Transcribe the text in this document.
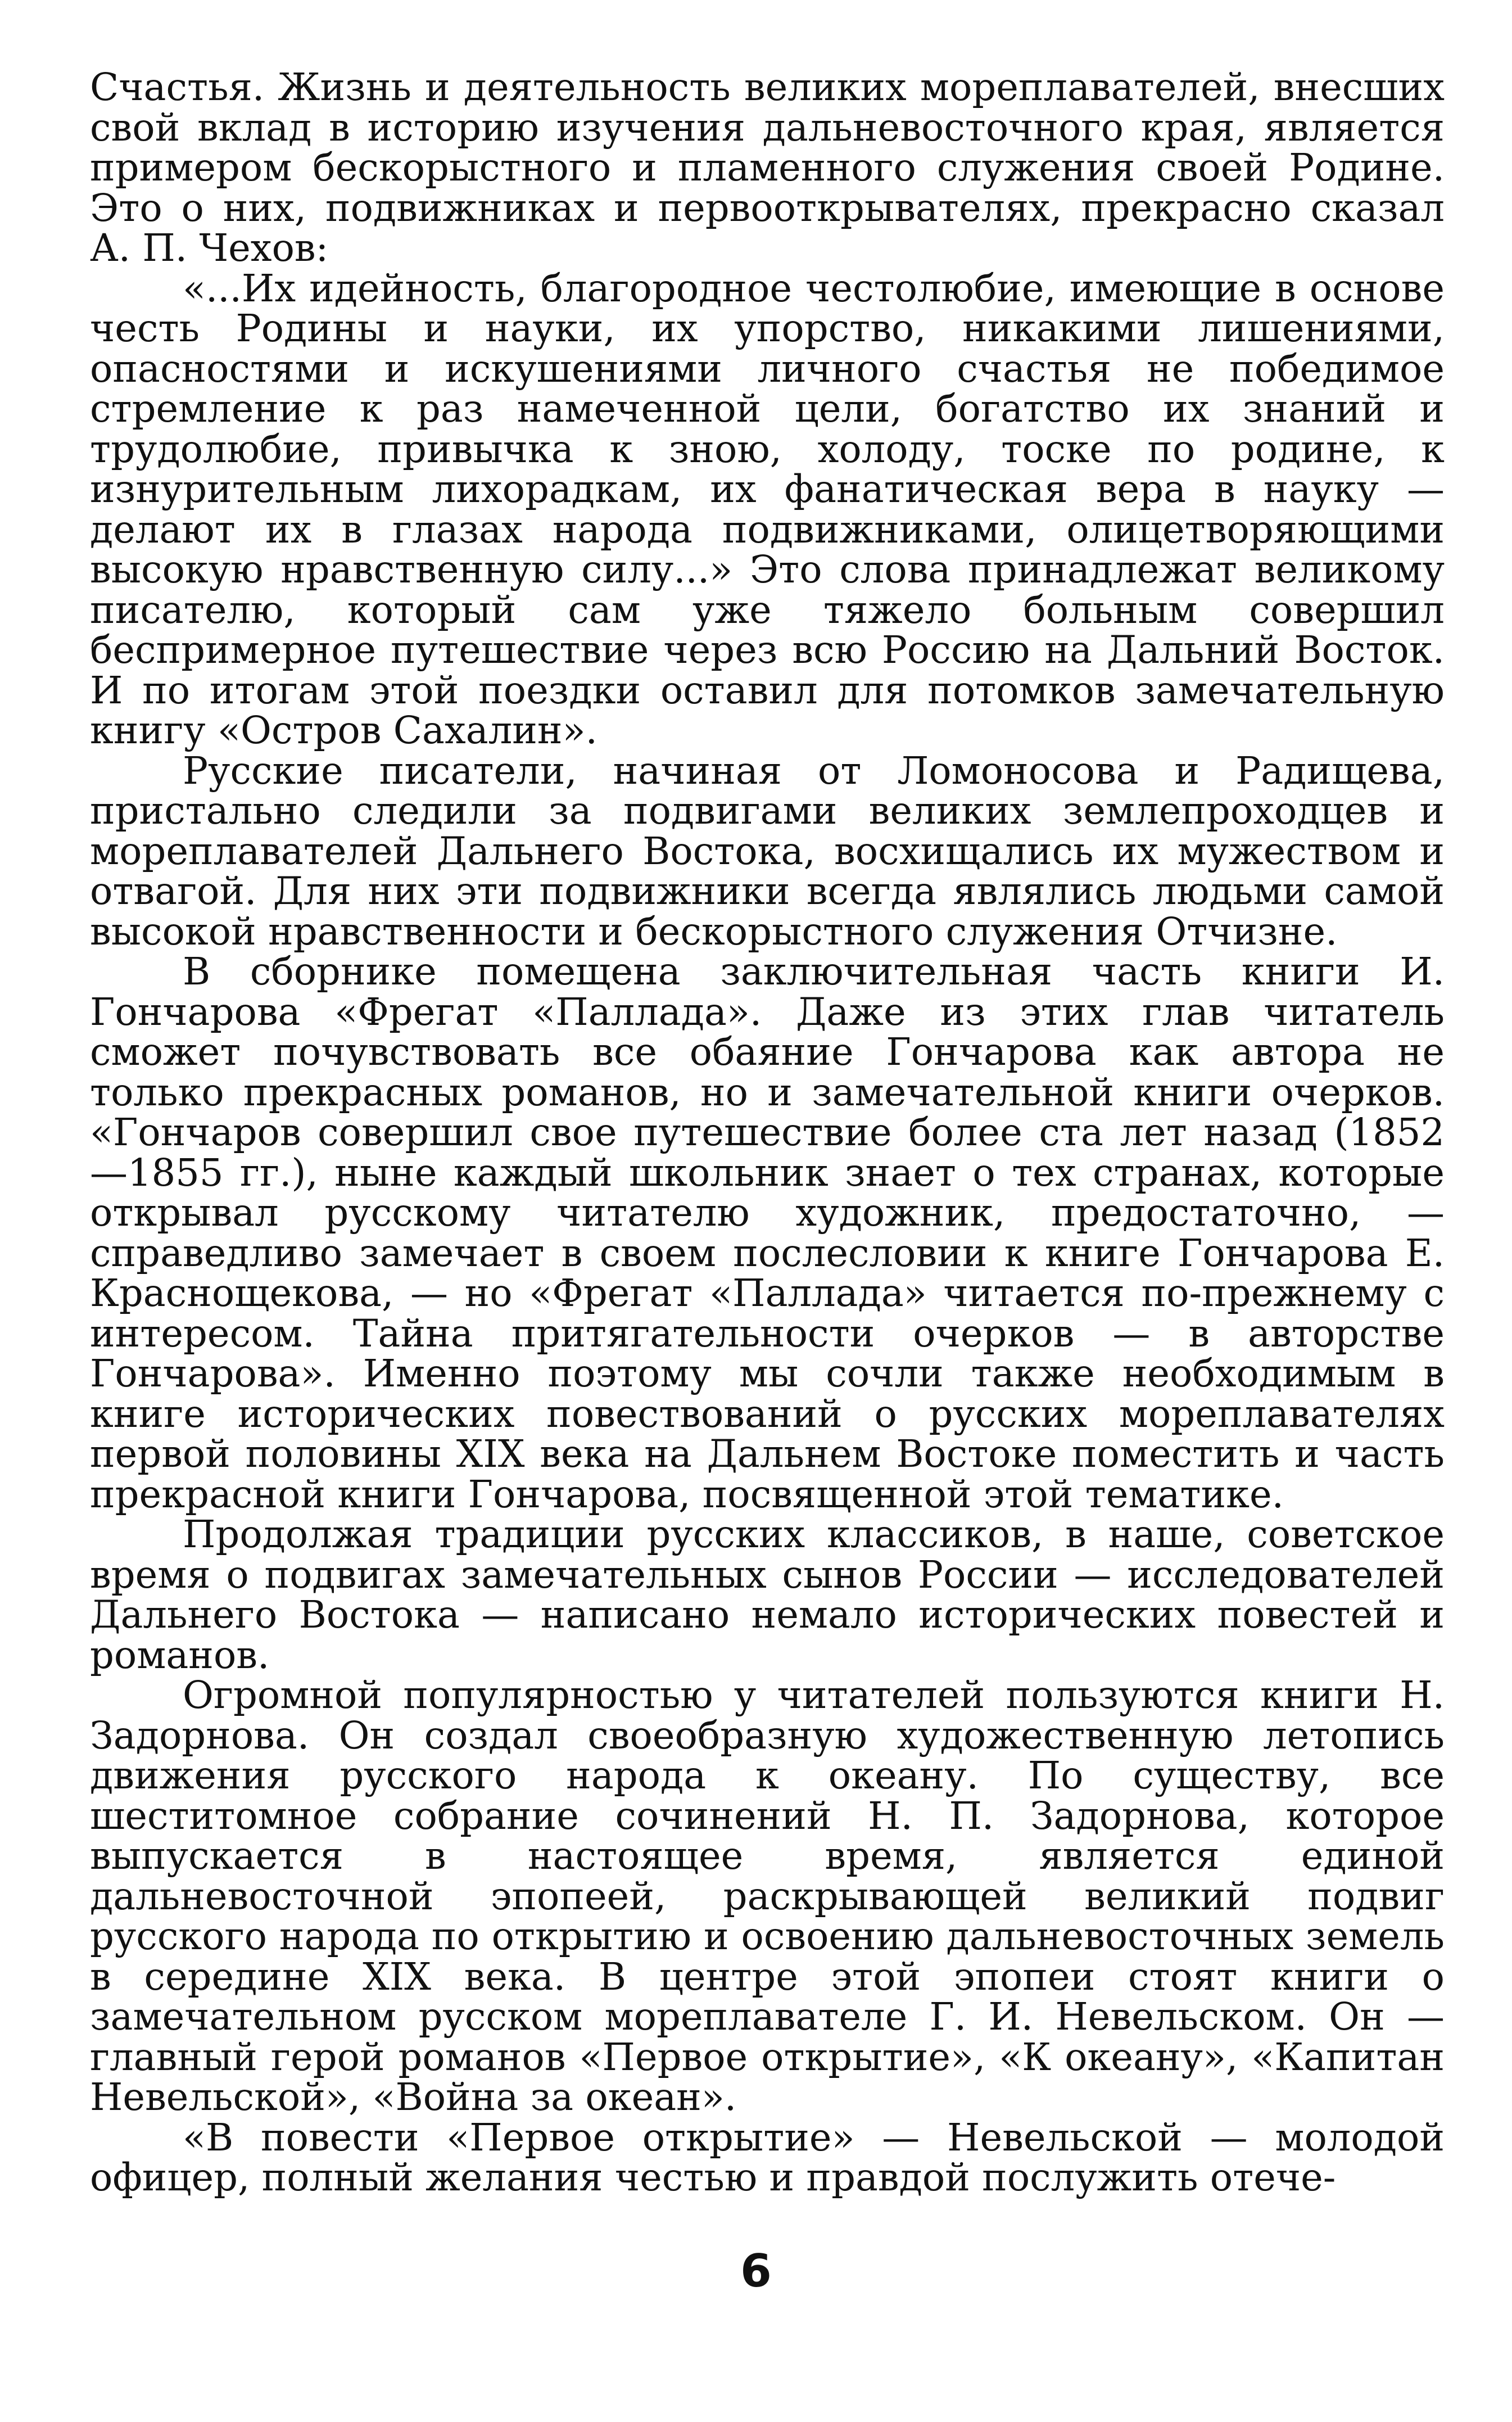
Счастья. Жизнь и деятельность великих мореплавателей, внесших свой вклад в историю изучения дальневосточного края, является примером бескорыстного и пламенного служения своей Родине. Это о них, подвижниках и первооткрывателях, прекрасно сказал А. П. Чехов:

«...Их идейность, благородное честолюбие, имеющие в основе честь Родины и науки, их упорство, никакими лишениями, опасностями и искушениями личного счастья не победимое стремление к раз намеченной цели, богатство их знаний и трудолюбие, привычка к зною, холоду, тоске по родине, к изнурительным лихорадкам, их фанатическая вера в науку — делают их в глазах народа подвижниками, олицетворяющими высокую нравственную силу...» Это слова принадлежат великому писателю, который сам уже тяжело больным совершил беспримерное путешествие через всю Россию на Дальний Восток. И по итогам этой поездки оставил для потомков замечательную книгу «Остров Сахалин».

Русские писатели, начиная от Ломоносова и Радищева, пристально следили за подвигами великих землепроходцев и мореплавателей Дальнего Востока, восхищались их мужеством и отвагой. Для них эти подвижники всегда являлись людьми самой высокой нравственности и бескорыстного служения Отчизне.

В сборнике помещена заключительная часть книги И. Гончарова «Фрегат «Паллада». Даже из этих глав читатель сможет почувствовать все обаяние Гончарова как автора не только прекрасных романов, но и замечательной книги очерков. «Гончаров совершил свое путешествие более ста лет назад (1852—1855 гг.), ныне каждый школьник знает о тех странах, которые открывал русскому читателю художник, предостаточно, — справедливо замечает в своем послесловии к книге Гончарова Е. Краснощекова, — но «Фрегат «Паллада» читается по-прежнему с интересом. Тайна притягательности очерков — в авторстве Гончарова». Именно поэтому мы сочли также необходимым в книге исторических повествований о русских мореплавателях первой половины XIX века на Дальнем Востоке поместить и часть прекрасной книги Гончарова, посвященной этой тематике.

Продолжая традиции русских классиков, в наше, советское время о подвигах замечательных сынов России — исследователей Дальнего Востока — написано немало исторических повестей и романов.

Огромной популярностью у читателей пользуются книги Н. Задорнова. Он создал своеобразную художественную летопись движения русского народа к океану. По существу, все шеститомное собрание сочинений Н. П. Задорнова, которое выпускается в настоящее время, является единой дальневосточной эпопеей, раскрывающей великий подвиг русского народа по открытию и освоению дальневосточных земель в середине XIX века. В центре этой эпопеи стоят книги о замечательном русском мореплавателе Г. И. Невельском. Он — главный герой романов «Первое открытие», «К океану», «Капитан Невельской», «Война за океан».

«В повести «Первое открытие» — Невельской — молодой офицер, полный желания честью и правдой послужить отече-

6
